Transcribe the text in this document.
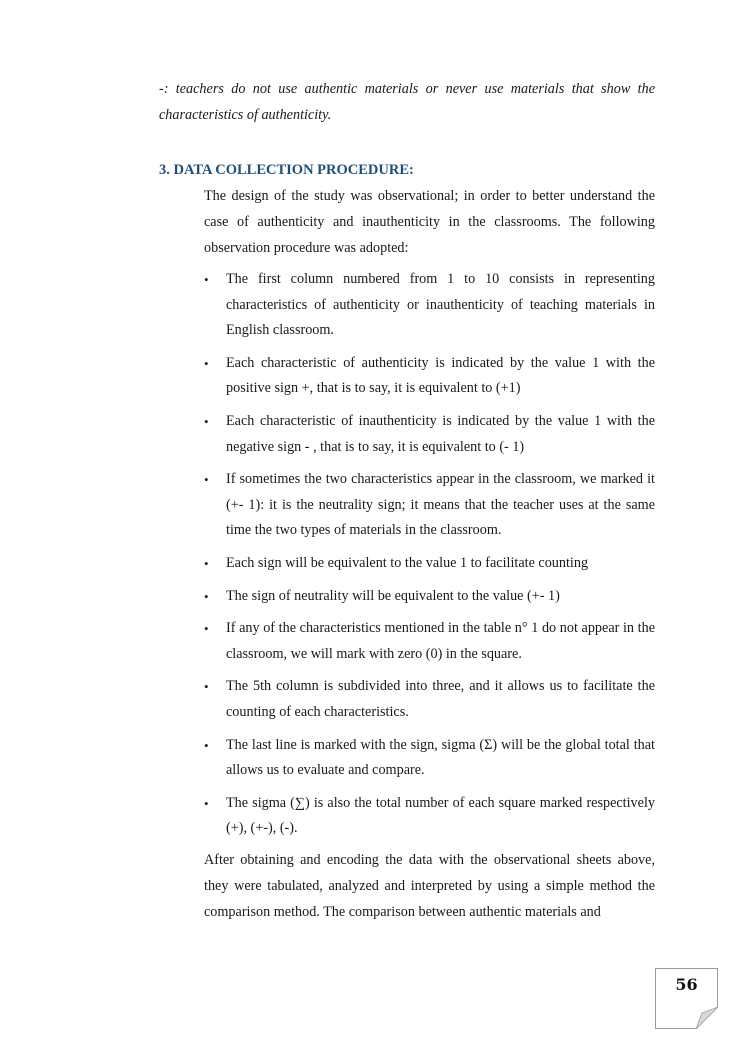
-: teachers do not use authentic materials or never use materials that show the characteristics of authenticity.

3. DATA COLLECTION PROCEDURE:

The design of the study was observational; in order to better understand the case of authenticity and inauthenticity in the classrooms. The following observation procedure was adopted:

•	The first column numbered from 1 to 10 consists in representing characteristics of authenticity or inauthenticity of teaching materials in English classroom.
•	Each characteristic of authenticity is indicated by the value 1 with the positive sign +, that is to say, it is equivalent to (+1)
•	Each characteristic of inauthenticity is indicated by the value 1 with the negative sign - , that is to say, it is equivalent to (- 1)
•	If sometimes the two characteristics appear in the classroom, we marked it (+- 1): it is the neutrality sign; it means that the teacher uses at the same time the two types of materials in the classroom.
•	Each sign will be equivalent to the value 1 to facilitate counting
•	The sign of neutrality will be equivalent to the value (+- 1)
•	If any of the characteristics mentioned in the table n° 1 do not appear in the classroom, we will mark with zero (0) in the square.
•	The 5th column is subdivided into three, and it allows us to facilitate the counting of each characteristics.
•	The last line is marked with the sign, sigma (Σ) will be the global total that allows us to evaluate and compare.
•	The sigma (∑) is also the total number of each square marked respectively (+), (+-), (-).

After obtaining and encoding the data with the observational sheets above, they were tabulated, analyzed and interpreted by using a simple method the comparison method. The comparison between authentic materials and

56
